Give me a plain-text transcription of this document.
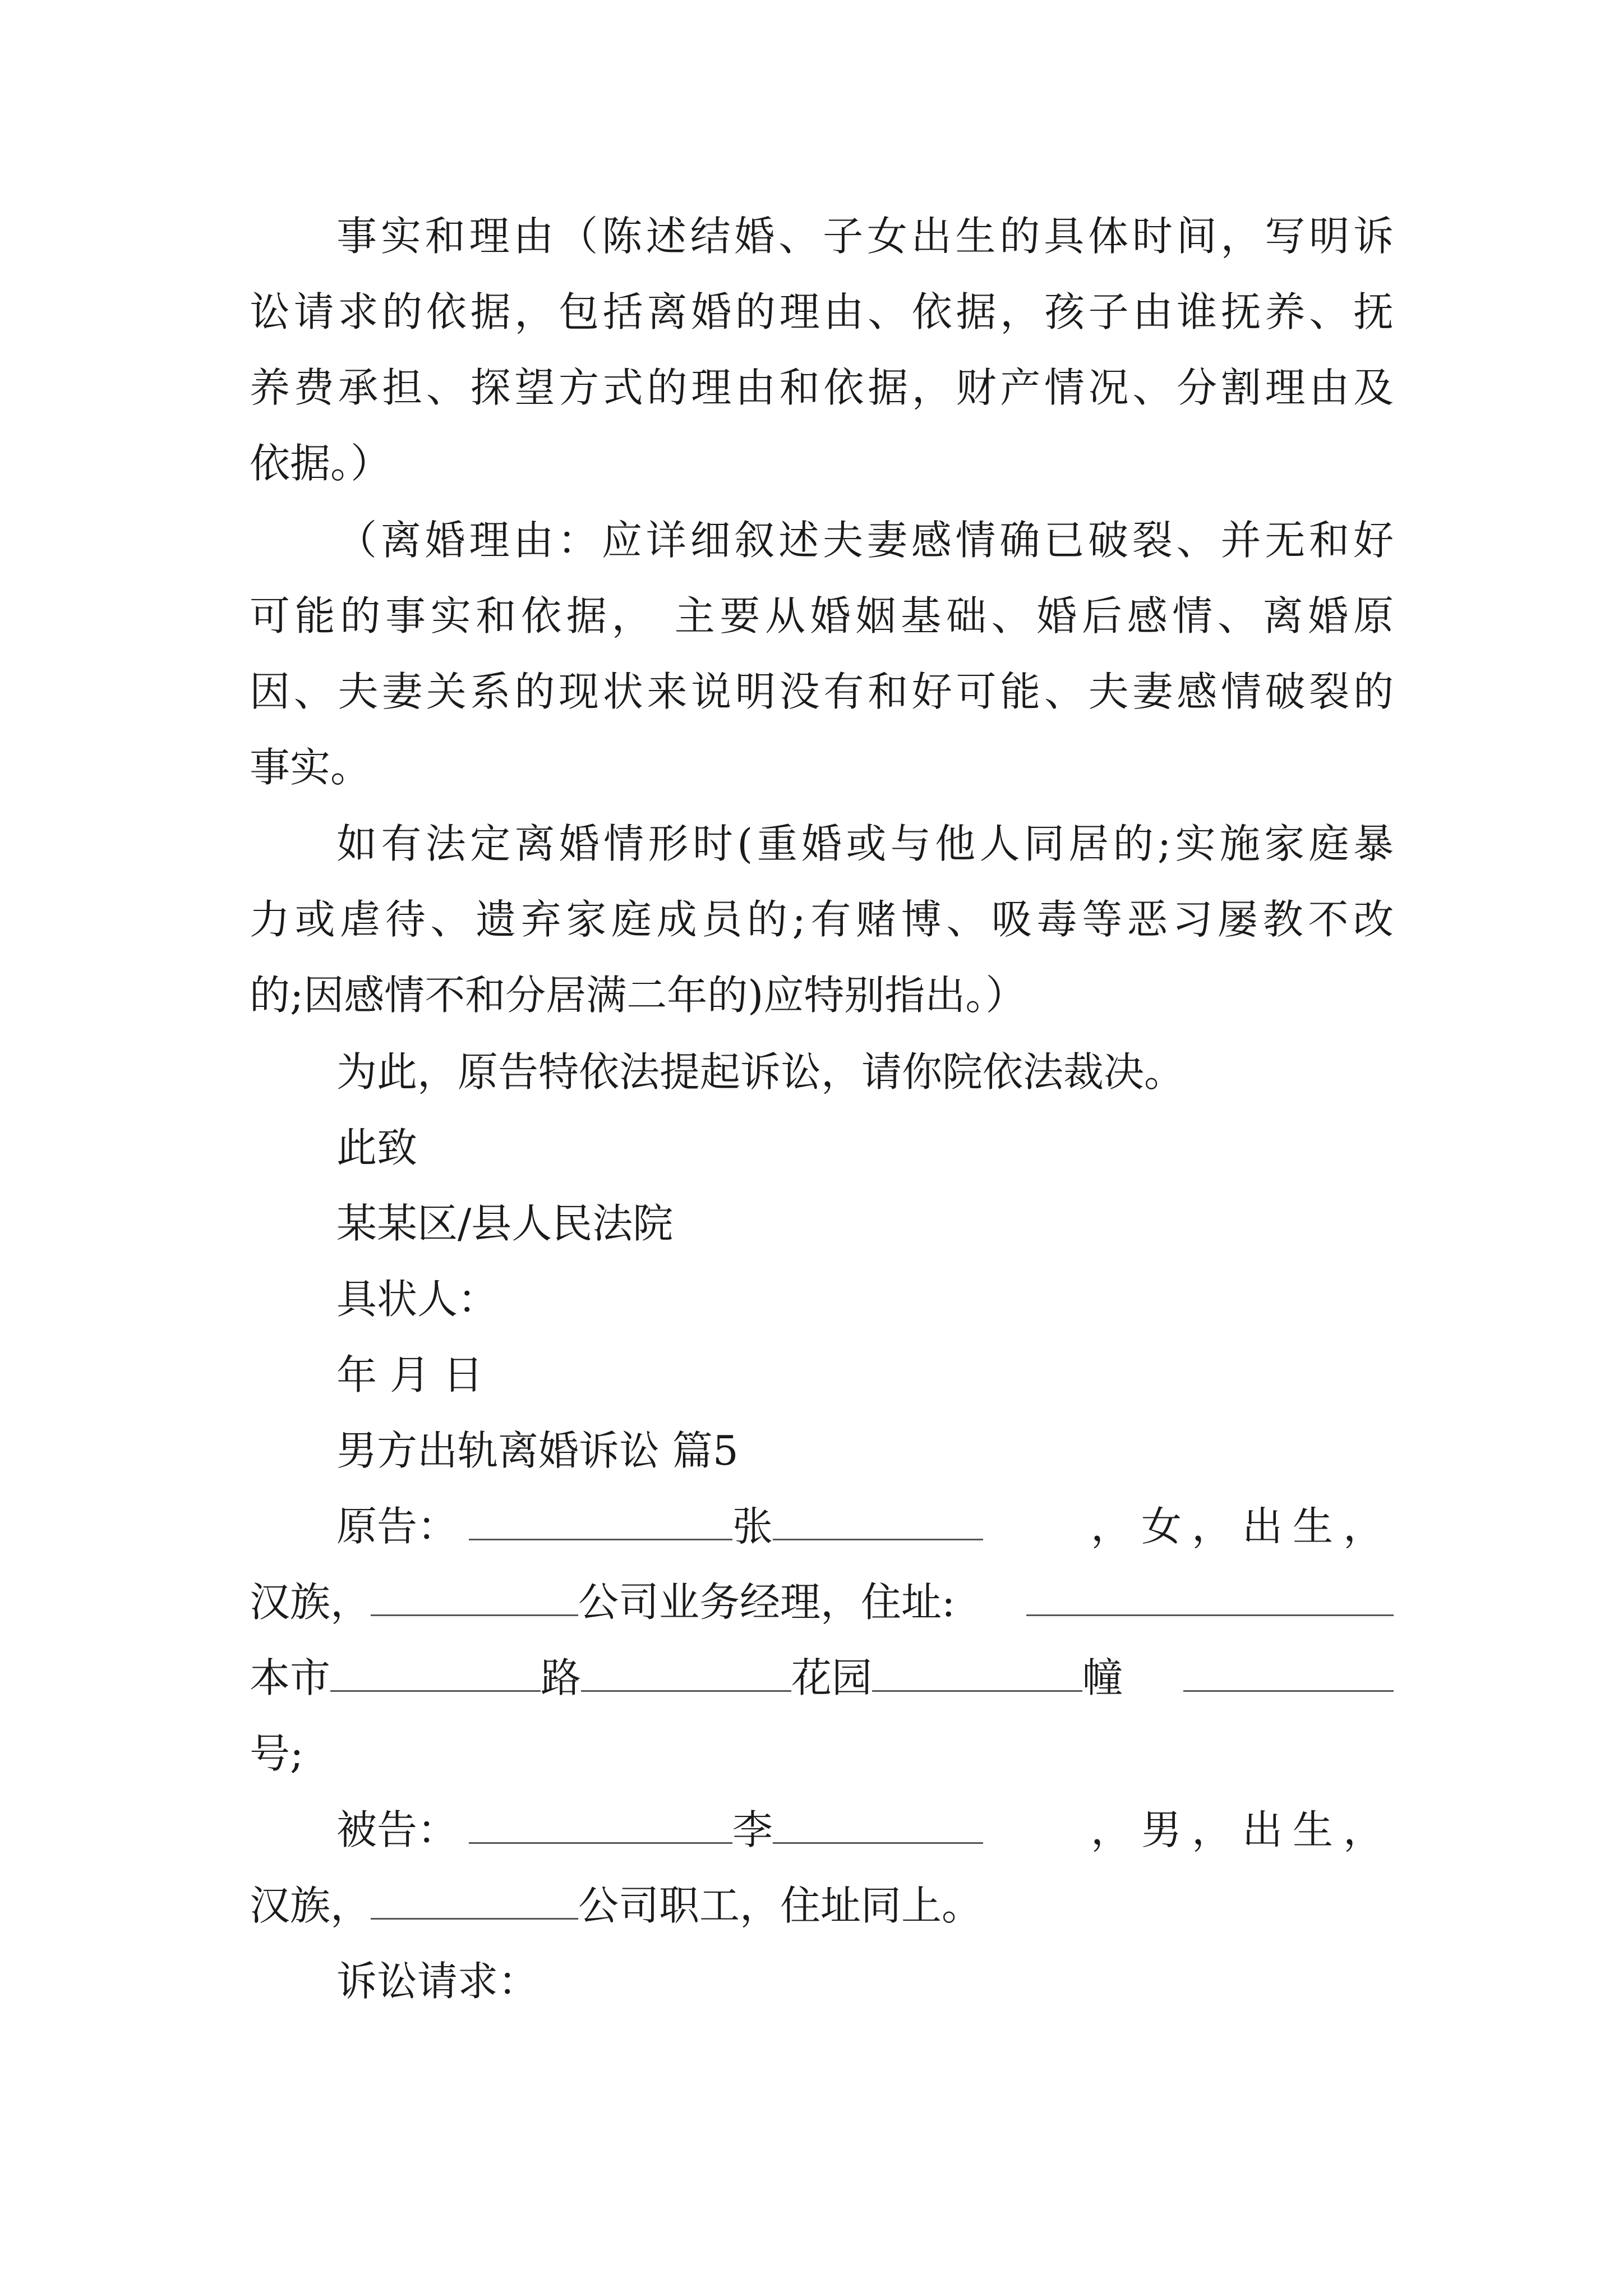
事实和理由（陈述结婚、子女出生的具体时间，写明诉

讼请求的依据，包括离婚的理由、依据，孩子由谁抚养、抚

养费承担、探望方式的理由和依据，财产情况、分割理由及

依据。）

（离婚理由：应详细叙述夫妻感情确已破裂、并无和好

可能的事实和依据， 主要从婚姻基础、婚后感情、离婚原

因、夫妻关系的现状来说明没有和好可能、夫妻感情破裂的

事实。

如有法定离婚情形时(重婚或与他人同居的;实施家庭暴

力或虐待、遗弃家庭成员的;有赌博、吸毒等恶习屡教不改

的;因感情不和分居满二年的)应特别指出。）

为此，原告特依法提起诉讼，请你院依法裁决。

此致

某某区/县人民法院

具状人：

年 月 日

男方出轨离婚诉讼 篇5

原告：	张	，女，出生，
汉族，	公司业务经理，住址:
本市	路	花园	幢

号;

被告：	李	，男，出生，
汉族，	公司职工，住址同上。

诉讼请求：
